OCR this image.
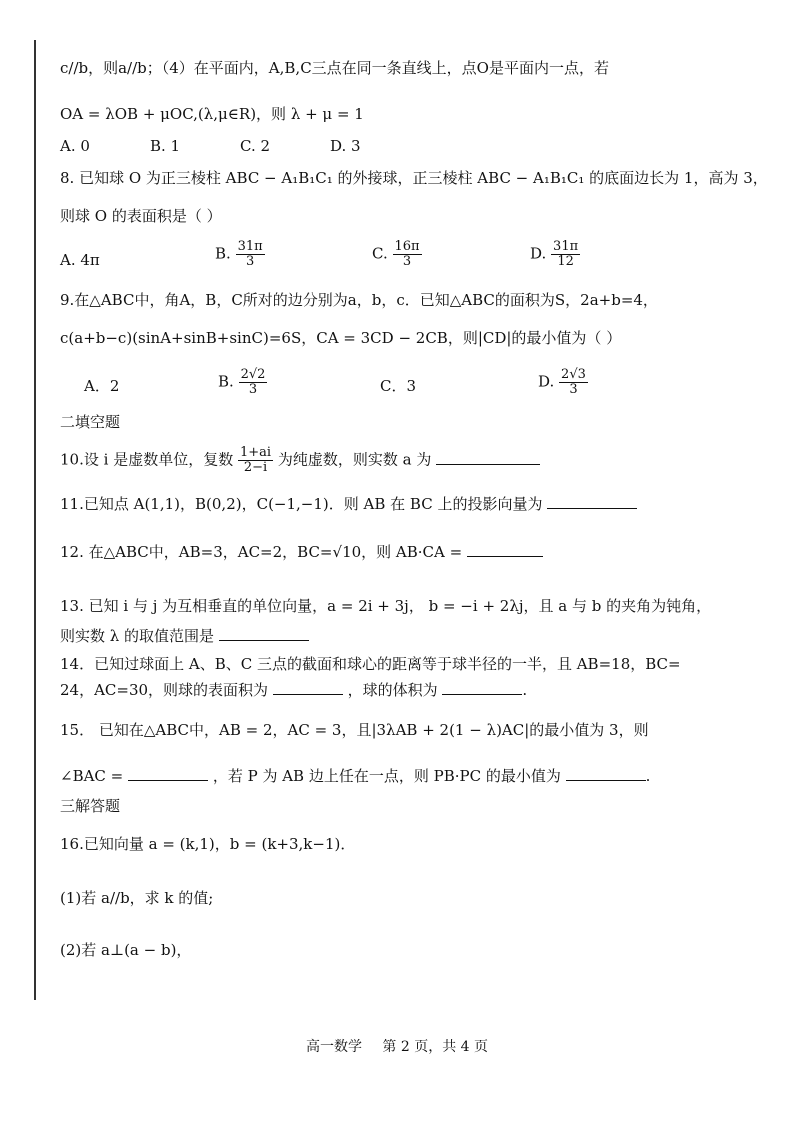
c//b，则a//b；（4）在平面内，A,B,C三点在同一条直线上，点O是平面内一点，若
OA = λOB + μOC,(λ,μ∈R)，则 λ + μ = 1
A. 0	B. 1	C. 2	D. 3
8. 已知球 O 为正三棱柱 ABC − A₁B₁C₁ 的外接球，正三棱柱 ABC − A₁B₁C₁ 的底面边长为 1，高为 3，
则球 O 的表面积是（ ）
A. 4π	B. $\frac{31\pi}{3}$	C. $\frac{16\pi}{3}$	D. $\frac{31\pi}{12}$
9.在△ABC中，角A，B，C所对的边分别为a，b，c．已知△ABC的面积为S，2a+b=4，
c(a+b−c)(sinA+sinB+sinC)=6S，CA = 3CD − 2CB，则|CD|的最小值为（ ）
A．2	B. $\frac{2√2}{3}$	C．3	D. $\frac{2√3}{3}$
二填空题
10.设 i 是虚数单位，复数 $\frac{1+ai}{2-i}$ 为纯虚数，则实数 a 为
11.已知点 A(1,1)，B(0,2)，C(−1,−1)．则 AB 在 BC 上的投影向量为
12. 在△ABC中，AB=3，AC=2，BC=√10，则 AB·CA =
13. 已知 i 与 j 为互相垂直的单位向量，a = 2i + 3j， b = −i + 2λj，且 a 与 b 的夹角为钝角，
则实数 λ 的取值范围是
14．已知过球面上 A、B、C 三点的截面和球心的距离等于球半径的一半，且 AB=18，BC=
24，AC=30，则球的表面积为	，球的体积为	.
15． 已知在△ABC中，AB = 2，AC = 3，且|3λAB + 2(1 − λ)AC|的最小值为 3，则
∠BAC =	，若 P 为 AB 边上任在一点，则 PB·PC 的最小值为	.
三解答题
16.已知向量 a = (k,1)，b = (k+3,k−1)．
(1)若 a//b，求 k 的值;
(2)若 a⊥(a − b)，
高一数学 第 2 页，共 4 页
